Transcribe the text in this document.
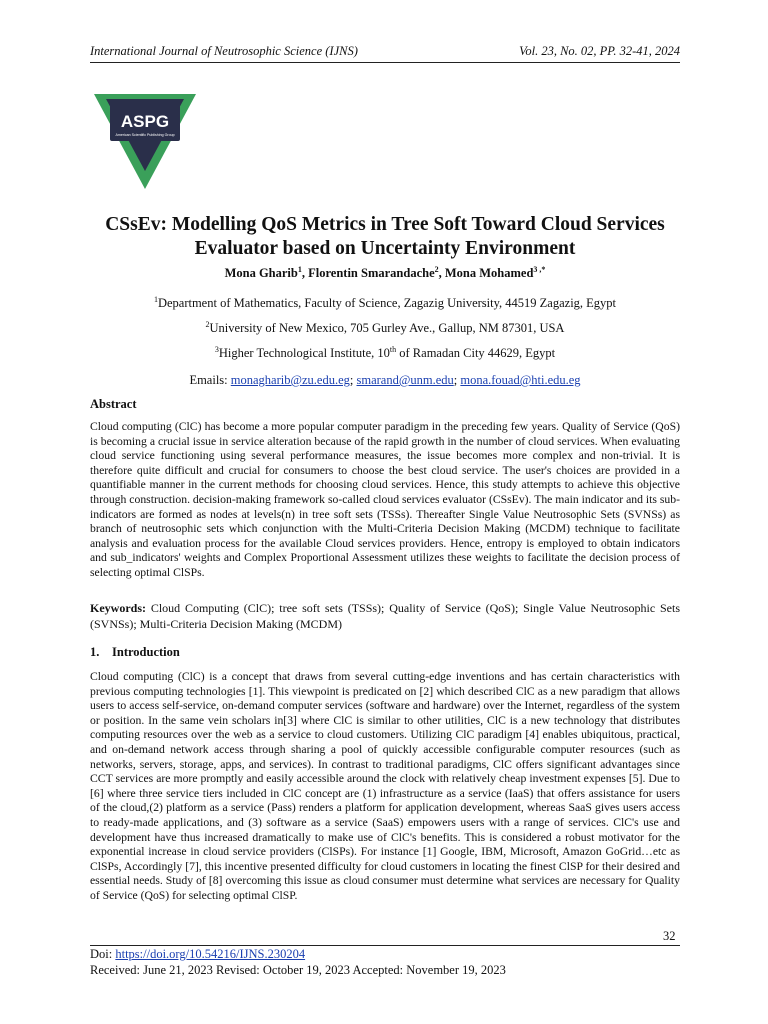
International Journal of Neutrosophic Science (IJNS)	Vol. 23, No. 02, PP. 32-41, 2024
ASPG
American Scientific Publishing Group
CSsEv: Modelling QoS Metrics in Tree Soft Toward Cloud Services Evaluator based on Uncertainty Environment
Mona Gharib$^1$, Florentin Smarandache$^2$, Mona Mohamed$^{3 ,*}$
$^1$Department of Mathematics, Faculty of Science, Zagazig University, 44519 Zagazig, Egypt
$^2$University of New Mexico, 705 Gurley Ave., Gallup, NM 87301, USA
$^3$Higher Technological Institute, 10th of Ramadan City 44629, Egypt
Emails: monagharib@zu.edu.eg; smarand@unm.edu; mona.fouad@hti.edu.eg
Abstract

Cloud computing (ClC) has become a more popular computer paradigm in the preceding few years. Quality of Service (QoS) is becoming a crucial issue in service alteration because of the rapid growth in the number of cloud services. When evaluating cloud service functioning using several performance measures, the issue becomes more complex and non-trivial. It is therefore quite difficult and crucial for consumers to choose the best cloud service. The user's choices are provided in a quantifiable manner in the current methods for choosing cloud services. Hence, this study attempts to achieve this objective through construction. decision-making framework so-called cloud services evaluator (CSsEv). The main indicator and its sub-indicators are formed as nodes at levels(n) in tree soft sets (TSSs). Thereafter Single Value Neutrosophic Sets (SVNSs) as branch of neutrosophic sets which conjunction with the Multi-Criteria Decision Making (MCDM) technique to facilitate analysis and evaluation process for the available Cloud services providers. Hence, entropy is employed to obtain indicators and sub_indicators' weights and Complex Proportional Assessment utilizes these weights to facilitate the decision process of selecting optimal ClSPs.

Keywords: Cloud Computing (ClC); tree soft sets (TSSs); Quality of Service (QoS); Single Value Neutrosophic Sets (SVNSs); Multi-Criteria Decision Making (MCDM)

1. Introduction

Cloud computing (ClC) is a concept that draws from several cutting-edge inventions and has certain characteristics with previous computing technologies [1]. This viewpoint is predicated on [2] which described ClC as a new paradigm that allows users to access self-service, on-demand computer services (software and hardware) over the Internet, regardless of the system or position. In the same vein scholars in[3] where ClC is similar to other utilities, ClC is a new technology that distributes computing resources over the web as a service to cloud customers. Utilizing ClC paradigm [4] enables ubiquitous, practical, and on-demand network access through sharing a pool of quickly accessible configurable computer resources (such as networks, servers, storage, apps, and services). In contrast to traditional paradigms, ClC offers significant advantages since CCT services are more promptly and easily accessible around the clock with relatively cheap investment expenses [5]. Due to [6] where three service tiers included in ClC concept are (1) infrastructure as a service (IaaS) that offers assistance for users of the cloud,(2) platform as a service (Pass) renders a platform for application development, whereas SaaS gives users access to ready-made applications, and (3) software as a service (SaaS) empowers users with a range of services. ClC's use and development have thus increased dramatically to make use of ClC's benefits. This is considered a robust motivator for the exponential increase in cloud service providers (ClSPs). For instance [1] Google, IBM, Microsoft, Amazon GoGrid…etc as ClSPs, Accordingly [7], this incentive presented difficulty for cloud customers in locating the finest ClSP for their desired and essential needs. Study of [8] overcoming this issue as cloud consumer must determine what services are necessary for Quality of Service (QoS) for selecting optimal ClSP.

32
Doi: https://doi.org/10.54216/IJNS.230204
Received: June 21, 2023 Revised: October 19, 2023 Accepted: November 19, 2023
